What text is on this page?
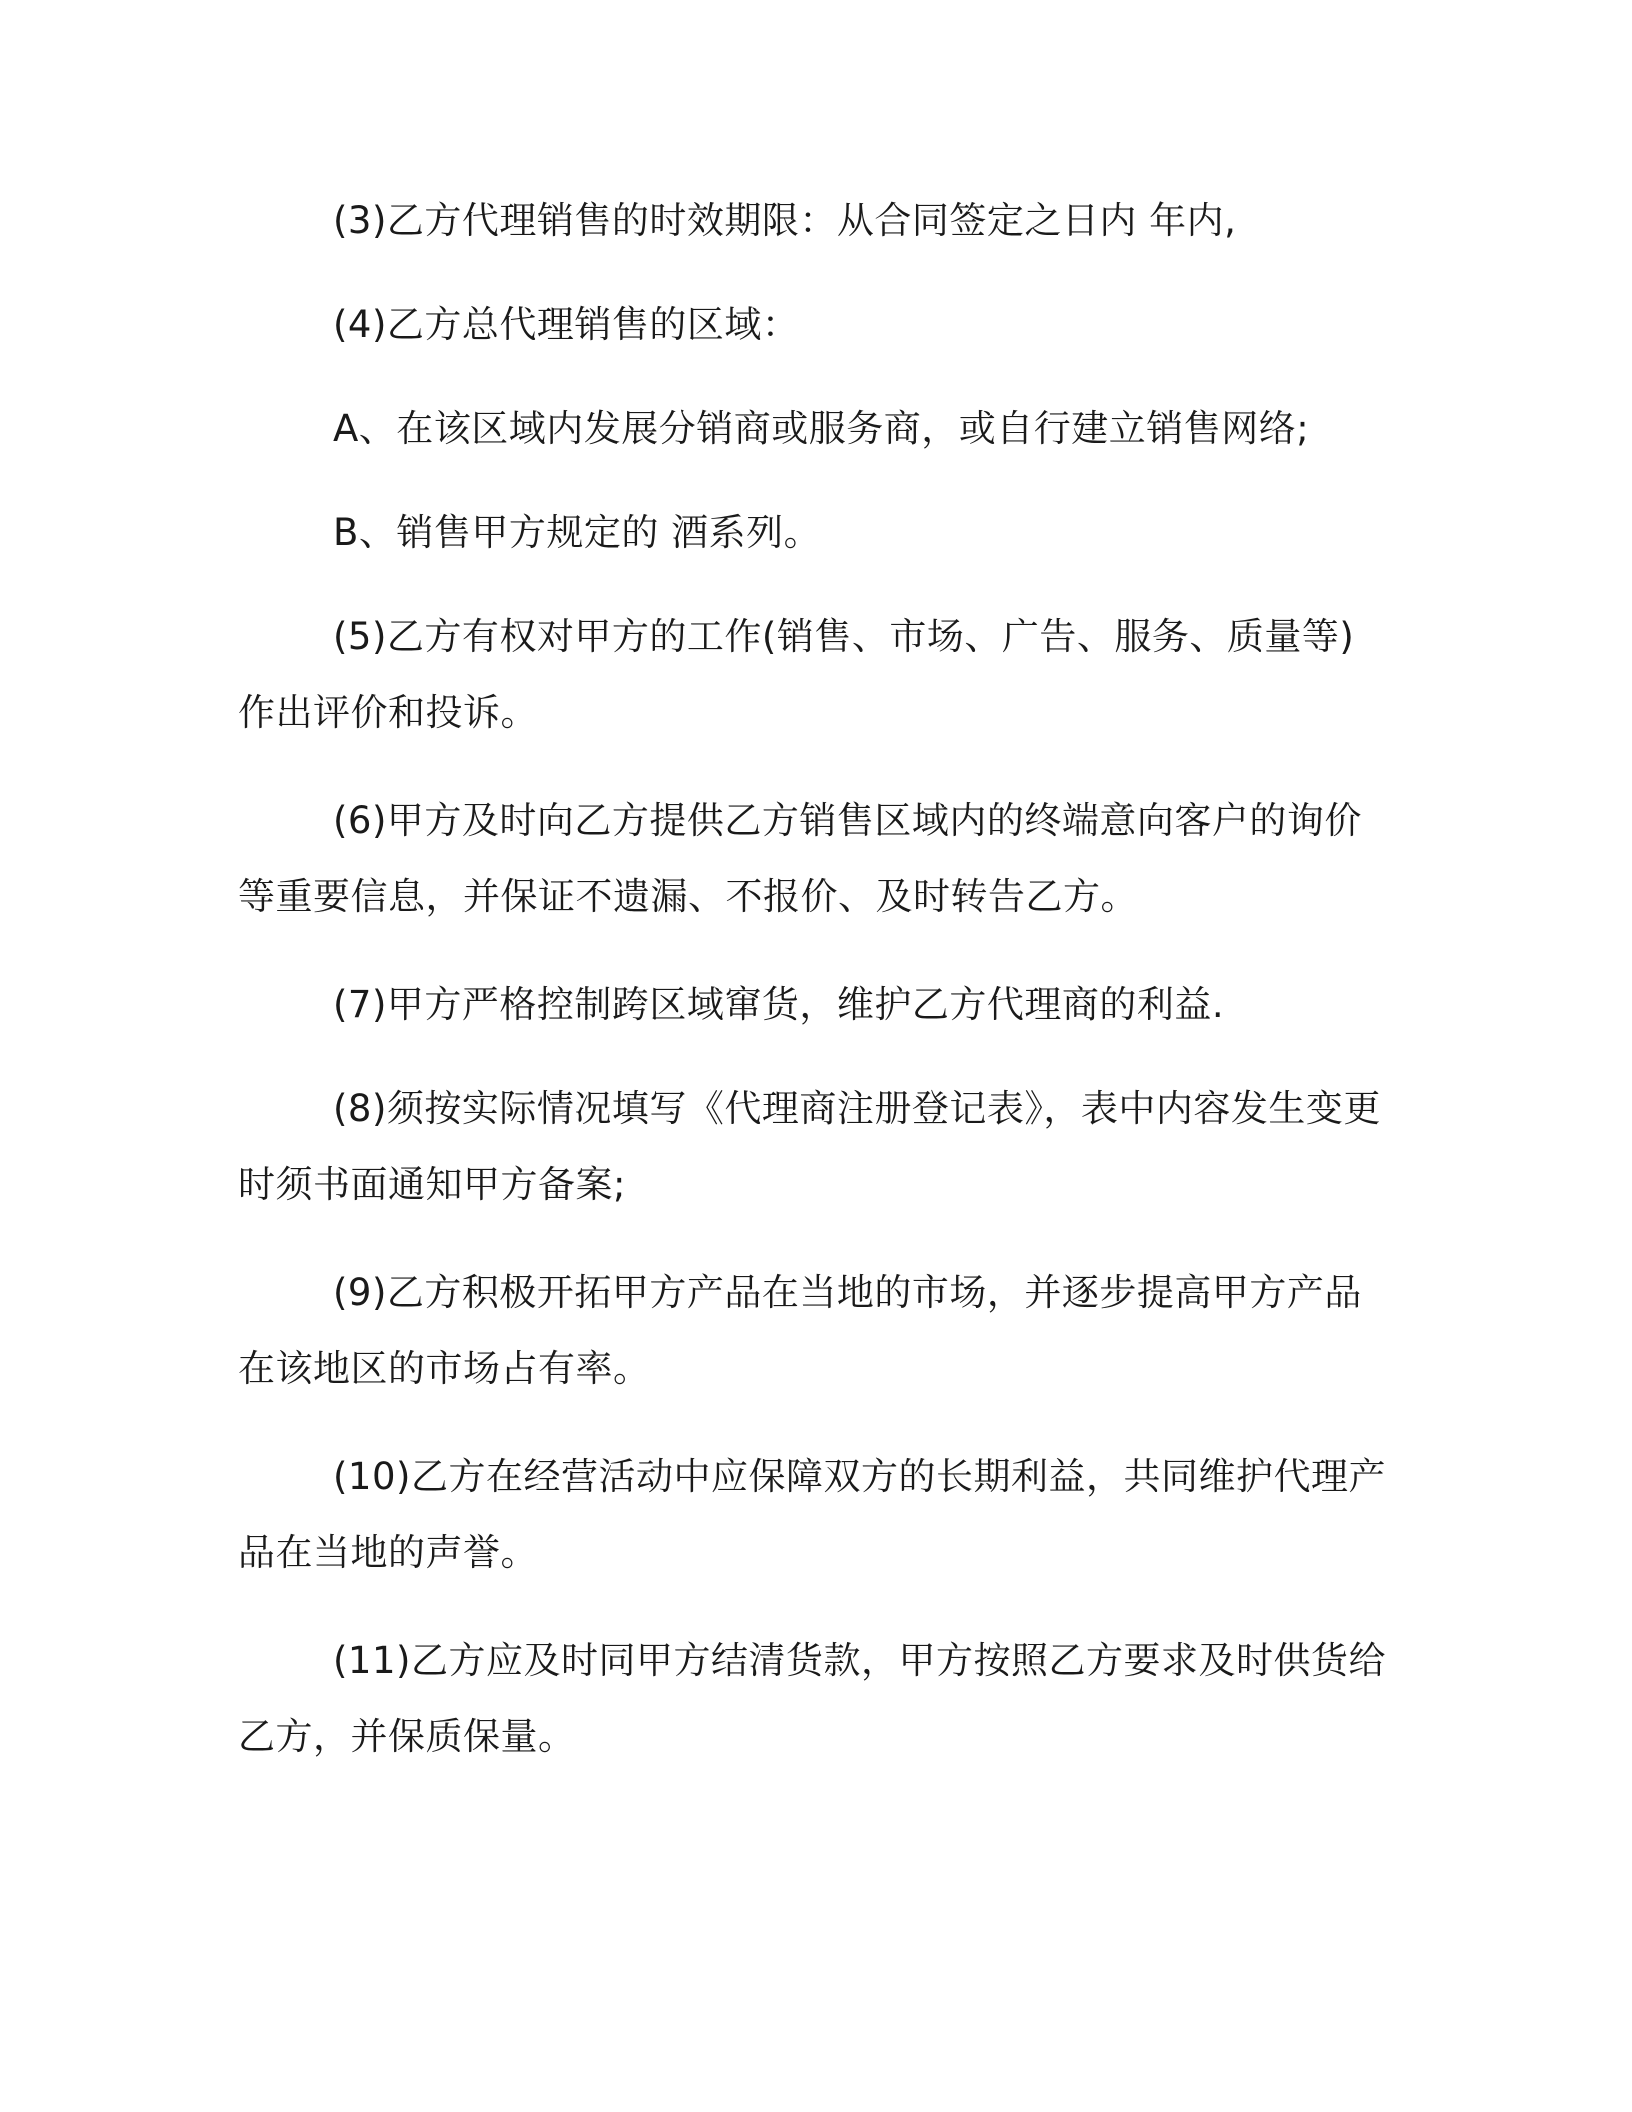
(3)乙方代理销售的时效期限：从合同签定之日内 年内,

(4)乙方总代理销售的区域：

A、在该区域内发展分销商或服务商，或自行建立销售网络;

B、销售甲方规定的 酒系列。

(5)乙方有权对甲方的工作(销售、市场、广告、服务、质量等)作出评价和投诉。

(6)甲方及时向乙方提供乙方销售区域内的终端意向客户的询价等重要信息，并保证不遗漏、不报价、及时转告乙方。

(7)甲方严格控制跨区域窜货，维护乙方代理商的利益.

(8)须按实际情况填写《代理商注册登记表》，表中内容发生变更时须书面通知甲方备案;

(9)乙方积极开拓甲方产品在当地的市场，并逐步提高甲方产品在该地区的市场占有率。

(10)乙方在经营活动中应保障双方的长期利益，共同维护代理产品在当地的声誉。

(11)乙方应及时同甲方结清货款，甲方按照乙方要求及时供货给乙方，并保质保量。
